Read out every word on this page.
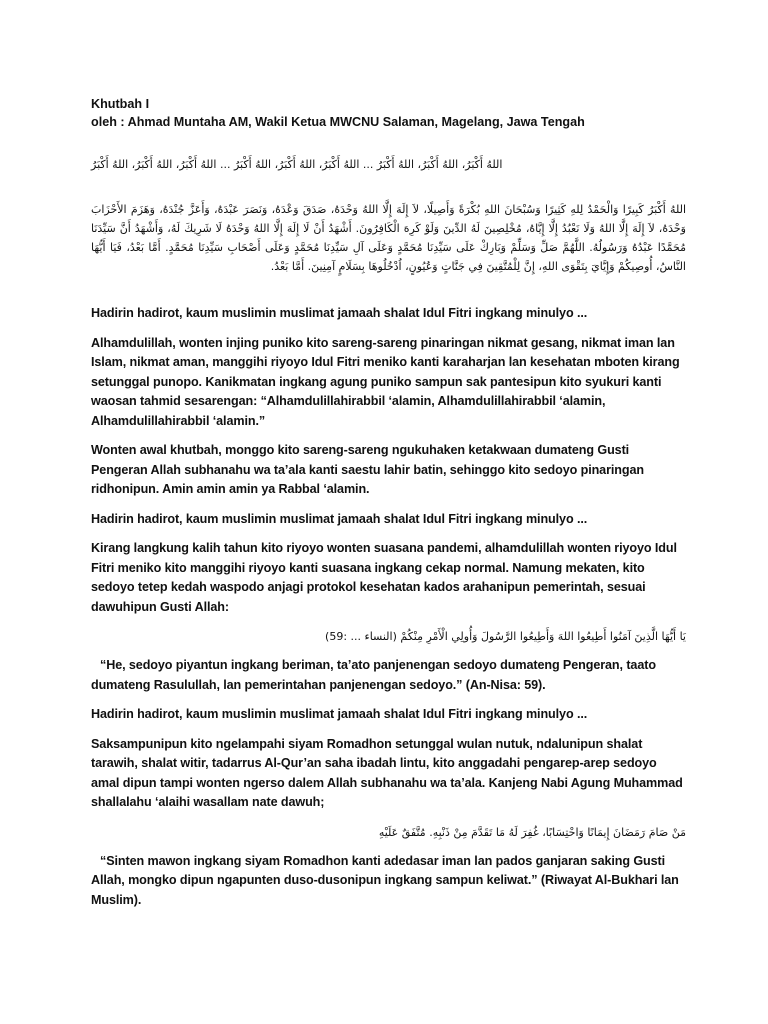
Khutbah I

oleh : Ahmad Muntaha AM, Wakil Ketua MWCNU Salaman, Magelang, Jawa Tengah

اللهُ أَكْبَرُ، اللهُ أَكْبَرُ، اللهُ أَكْبَرُ ... اللهُ أَكْبَرُ، اللهُ أَكْبَرُ، اللهُ أَكْبَرُ ... اللهُ أَكْبَرُ، اللهُ أَكْبَرُ، اللهُ أَكْبَرُ

اللهُ أَكْبَرُ كَبِيرًا وَالْحَمْدُ لِلهِ كَثِيرًا وَسُبْحَانَ اللهِ بُكْرَةً وَأَصِيلًا، لاَ إِلَهَ إِلَّا اللهُ وَحْدَهُ، صَدَقَ وَعْدَهُ، وَنَصَرَ عَبْدَهُ، وَأَعَزَّ جُنْدَهُ، وَهَزَمَ الأَحْزَابَ وَحْدَهُ، لاَ إِلَهَ إِلَّا اللهُ وَلَا نَعْبُدُ إِلَّا إِيَّاهُ، مُخْلِصِينَ لَهُ الدِّينَ وَلَوْ كَرِهَ الْكَافِرُونَ. أَشْهَدُ أَنْ لَا إِلَهَ إِلَّا اللهُ وَحْدَهُ لَا شَرِيكَ لَهُ، وَأَشْهَدُ أَنَّ سَيِّدَنَا مُحَمَّدًا عَبْدُهُ وَرَسُولُهُ. اللَّهُمَّ صَلِّ وَسَلِّمْ وَبَارِكْ عَلَى سَيِّدِنَا مُحَمَّدٍ وَعَلَى آلِ سَيِّدِنَا مُحَمَّدٍ وَعَلَى أَصْحَابِ سَيِّدِنَا مُحَمَّدٍ. أَمَّا بَعْدُ، فَيَا أَيُّهَا النَّاسُ، أُوصِيكُمْ وَإِيَّايَ بِتَقْوَى اللهِ، إِنَّ لِلْمُتَّقِينَ فِي جَنَّاتٍ وَعُيُونٍ، اُدْخُلُوهَا بِسَلَامٍ آمِنِينَ. أَمَّا بَعْدُ.

Hadirin hadirot, kaum muslimin muslimat jamaah shalat Idul Fitri ingkang minulyo ...

Alhamdulillah, wonten injing puniko kito sareng-sareng pinaringan nikmat gesang, nikmat iman lan Islam, nikmat aman, manggihi riyoyo Idul Fitri meniko kanti karaharjan lan kesehatan mboten kirang setunggal punopo. Kanikmatan ingkang agung puniko sampun sak pantesipun kito syukuri kanti waosan tahmid sesarengan: “Alhamdulillahirabbil ‘alamin, Alhamdulillahirabbil ‘alamin, Alhamdulillahirabbil ‘alamin.”

Wonten awal khutbah, monggo kito sareng-sareng ngukuhaken ketakwaan dumateng Gusti Pengeran Allah subhanahu wa ta’ala kanti saestu lahir batin, sehinggo kito sedoyo pinaringan ridhonipun. Amin amin amin ya Rabbal ‘alamin.

Hadirin hadirot, kaum muslimin muslimat jamaah shalat Idul Fitri ingkang minulyo ...

Kirang langkung kalih tahun kito riyoyo wonten suasana pandemi, alhamdulillah wonten riyoyo Idul Fitri meniko kito manggihi riyoyo kanti suasana ingkang cekap normal. Namung mekaten, kito sedoyo tetep kedah waspodo anjagi protokol kesehatan kados arahanipun pemerintah, sesuai dawuhipun Gusti Allah:

يَا أَيُّهَا الَّذِينَ آمَنُوا أَطِيعُوا اللهَ وَأَطِيعُوا الرَّسُولَ وَأُولِي الْأَمْرِ مِنْكُمْ (النساء ... :59)

“He, sedoyo piyantun ingkang beriman, ta’ato panjenengan sedoyo dumateng Pengeran, taato dumateng Rasulullah, lan pemerintahan panjenengan sedoyo.” (An-Nisa: 59).

Hadirin hadirot, kaum muslimin muslimat jamaah shalat Idul Fitri ingkang minulyo ...

Saksampunipun kito ngelampahi siyam Romadhon setunggal wulan nutuk, ndalunipun shalat tarawih, shalat witir, tadarrus Al-Qur’an saha ibadah lintu, kito anggadahi pengarep-arep sedoyo amal dipun tampi wonten ngerso dalem Allah subhanahu wa ta’ala. Kanjeng Nabi Agung Muhammad shallalahu ‘alaihi wasallam nate dawuh;

مَنْ صَامَ رَمَضَانَ إِيمَانًا وَاحْتِسَابًا، غُفِرَ لَهُ مَا تَقَدَّمَ مِنْ ذَنْبِهِ. مُتَّفَقٌ عَلَيْهِ

“Sinten mawon ingkang siyam Romadhon kanti adedasar iman lan pados ganjaran saking Gusti Allah, mongko dipun ngapunten duso-dusonipun ingkang sampun keliwat.” (Riwayat Al-Bukhari lan Muslim).
